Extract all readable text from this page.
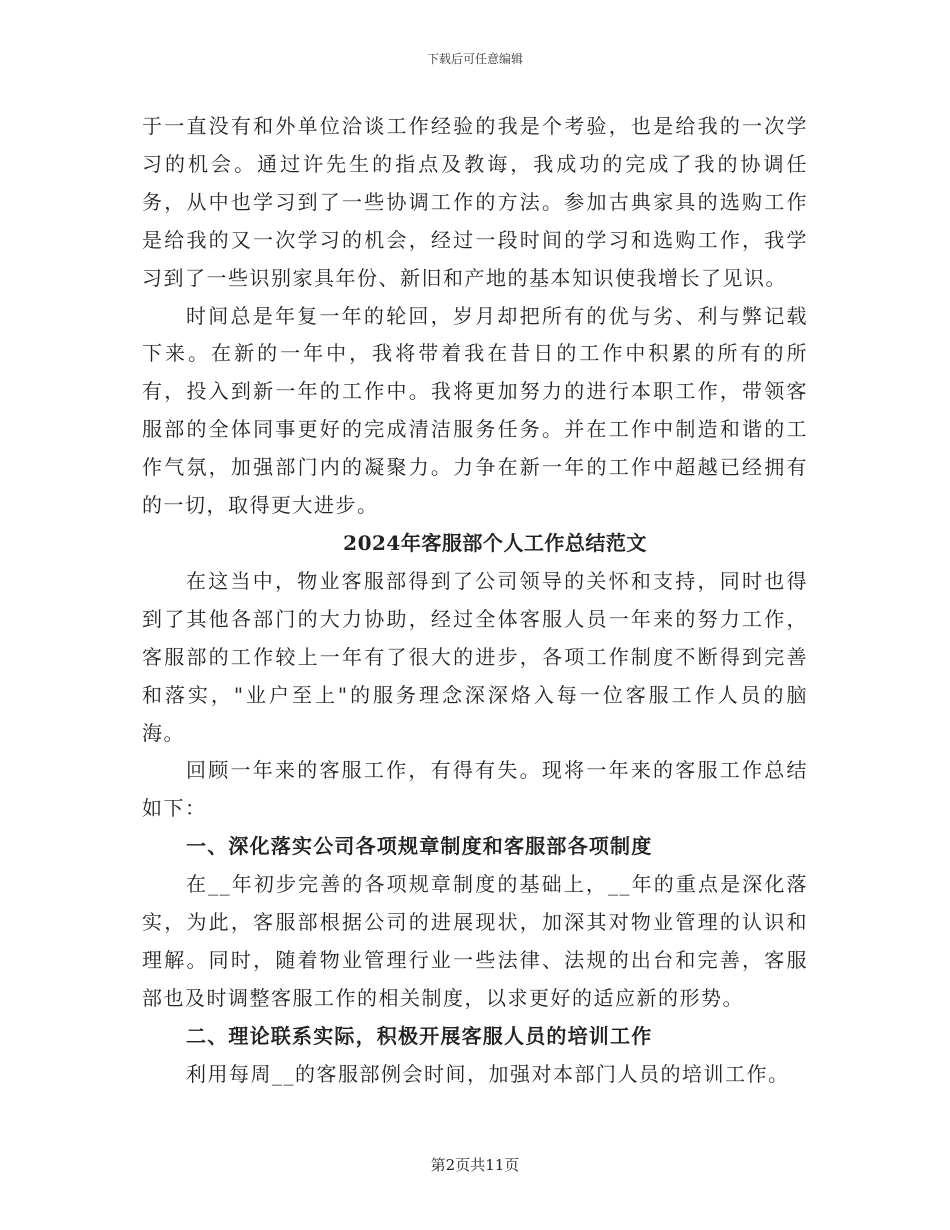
下载后可任意编辑

于一直没有和外单位洽谈工作经验的我是个考验，也是给我的一次学习的机会。通过许先生的指点及教诲，我成功的完成了我的协调任务，从中也学习到了一些协调工作的方法。参加古典家具的选购工作是给我的又一次学习的机会，经过一段时间的学习和选购工作，我学习到了一些识别家具年份、新旧和产地的基本知识使我增长了见识。

时间总是年复一年的轮回，岁月却把所有的优与劣、利与弊记载下来。在新的一年中，我将带着我在昔日的工作中积累的所有的所有，投入到新一年的工作中。我将更加努力的进行本职工作，带领客服部的全体同事更好的完成清洁服务任务。并在工作中制造和谐的工作气氛，加强部门内的凝聚力。力争在新一年的工作中超越已经拥有的一切，取得更大进步。

2024年客服部个人工作总结范文

在这当中，物业客服部得到了公司领导的关怀和支持，同时也得到了其他各部门的大力协助，经过全体客服人员一年来的努力工作，客服部的工作较上一年有了很大的进步，各项工作制度不断得到完善和落实，"业户至上"的服务理念深深烙入每一位客服工作人员的脑海。

回顾一年来的客服工作，有得有失。现将一年来的客服工作总结如下：

一、深化落实公司各项规章制度和客服部各项制度

在__年初步完善的各项规章制度的基础上，__年的重点是深化落实，为此，客服部根据公司的进展现状，加深其对物业管理的认识和理解。同时，随着物业管理行业一些法律、法规的出台和完善，客服部也及时调整客服工作的相关制度，以求更好的适应新的形势。

二、理论联系实际，积极开展客服人员的培训工作

利用每周__的客服部例会时间，加强对本部门人员的培训工作。

第2页共11页
